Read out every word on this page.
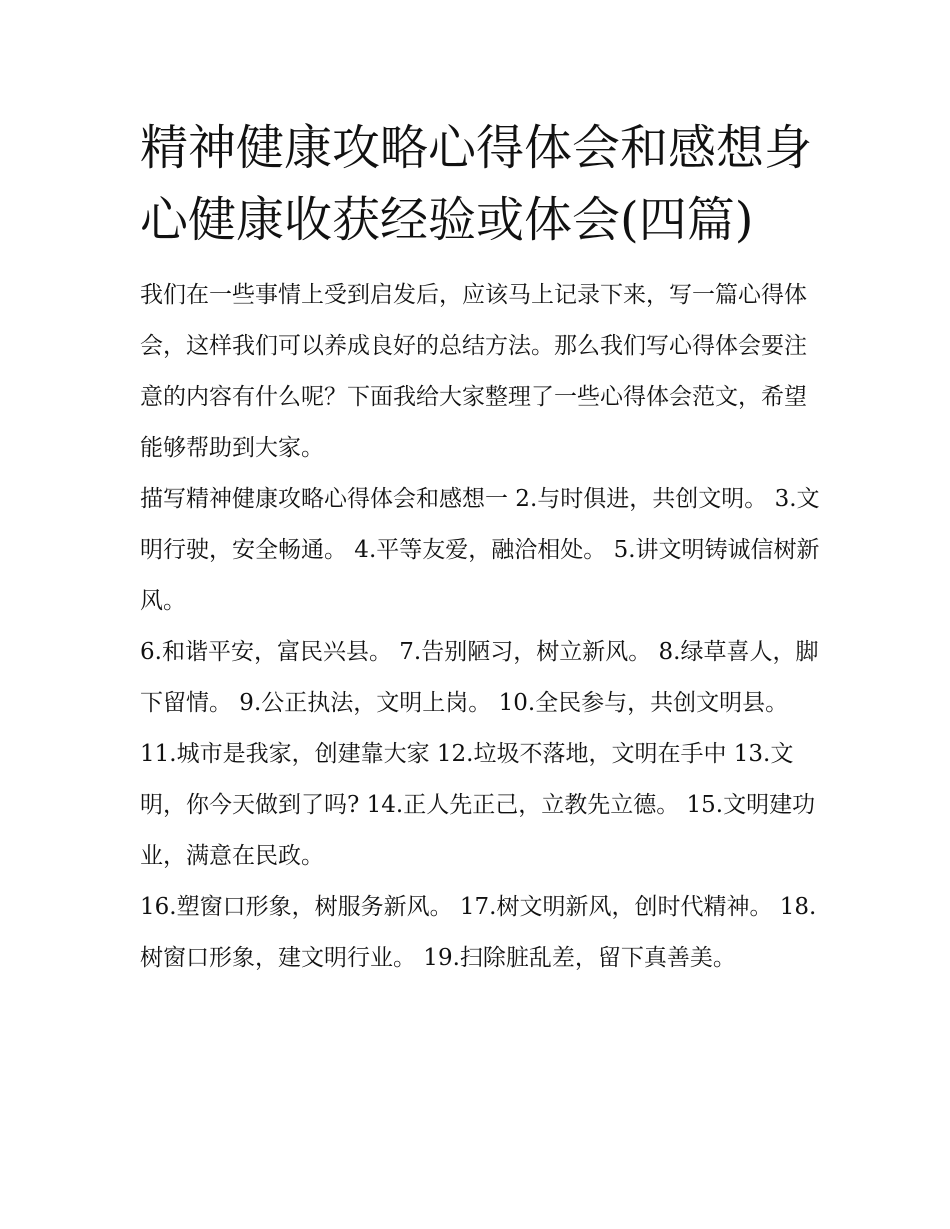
精神健康攻略心得体会和感想身心健康收获经验或体会(四篇)

我们在一些事情上受到启发后，应该马上记录下来，写一篇心得体会，这样我们可以养成良好的总结方法。那么我们写心得体会要注意的内容有什么呢？下面我给大家整理了一些心得体会范文，希望能够帮助到大家。

描写精神健康攻略心得体会和感想一 2.与时俱进，共创文明。 3.文明行驶，安全畅通。 4.平等友爱，融洽相处。 5.讲文明铸诚信树新风。

6.和谐平安，富民兴县。 7.告别陋习，树立新风。 8.绿草喜人，脚下留情。 9.公正执法，文明上岗。 10.全民参与，共创文明县。

11.城市是我家，创建靠大家 12.垃圾不落地，文明在手中 13.文明，你今天做到了吗? 14.正人先正己，立教先立德。 15.文明建功业，满意在民政。

16.塑窗口形象，树服务新风。 17.树文明新风，创时代精神。 18.树窗口形象，建文明行业。 19.扫除脏乱差，留下真善美。
